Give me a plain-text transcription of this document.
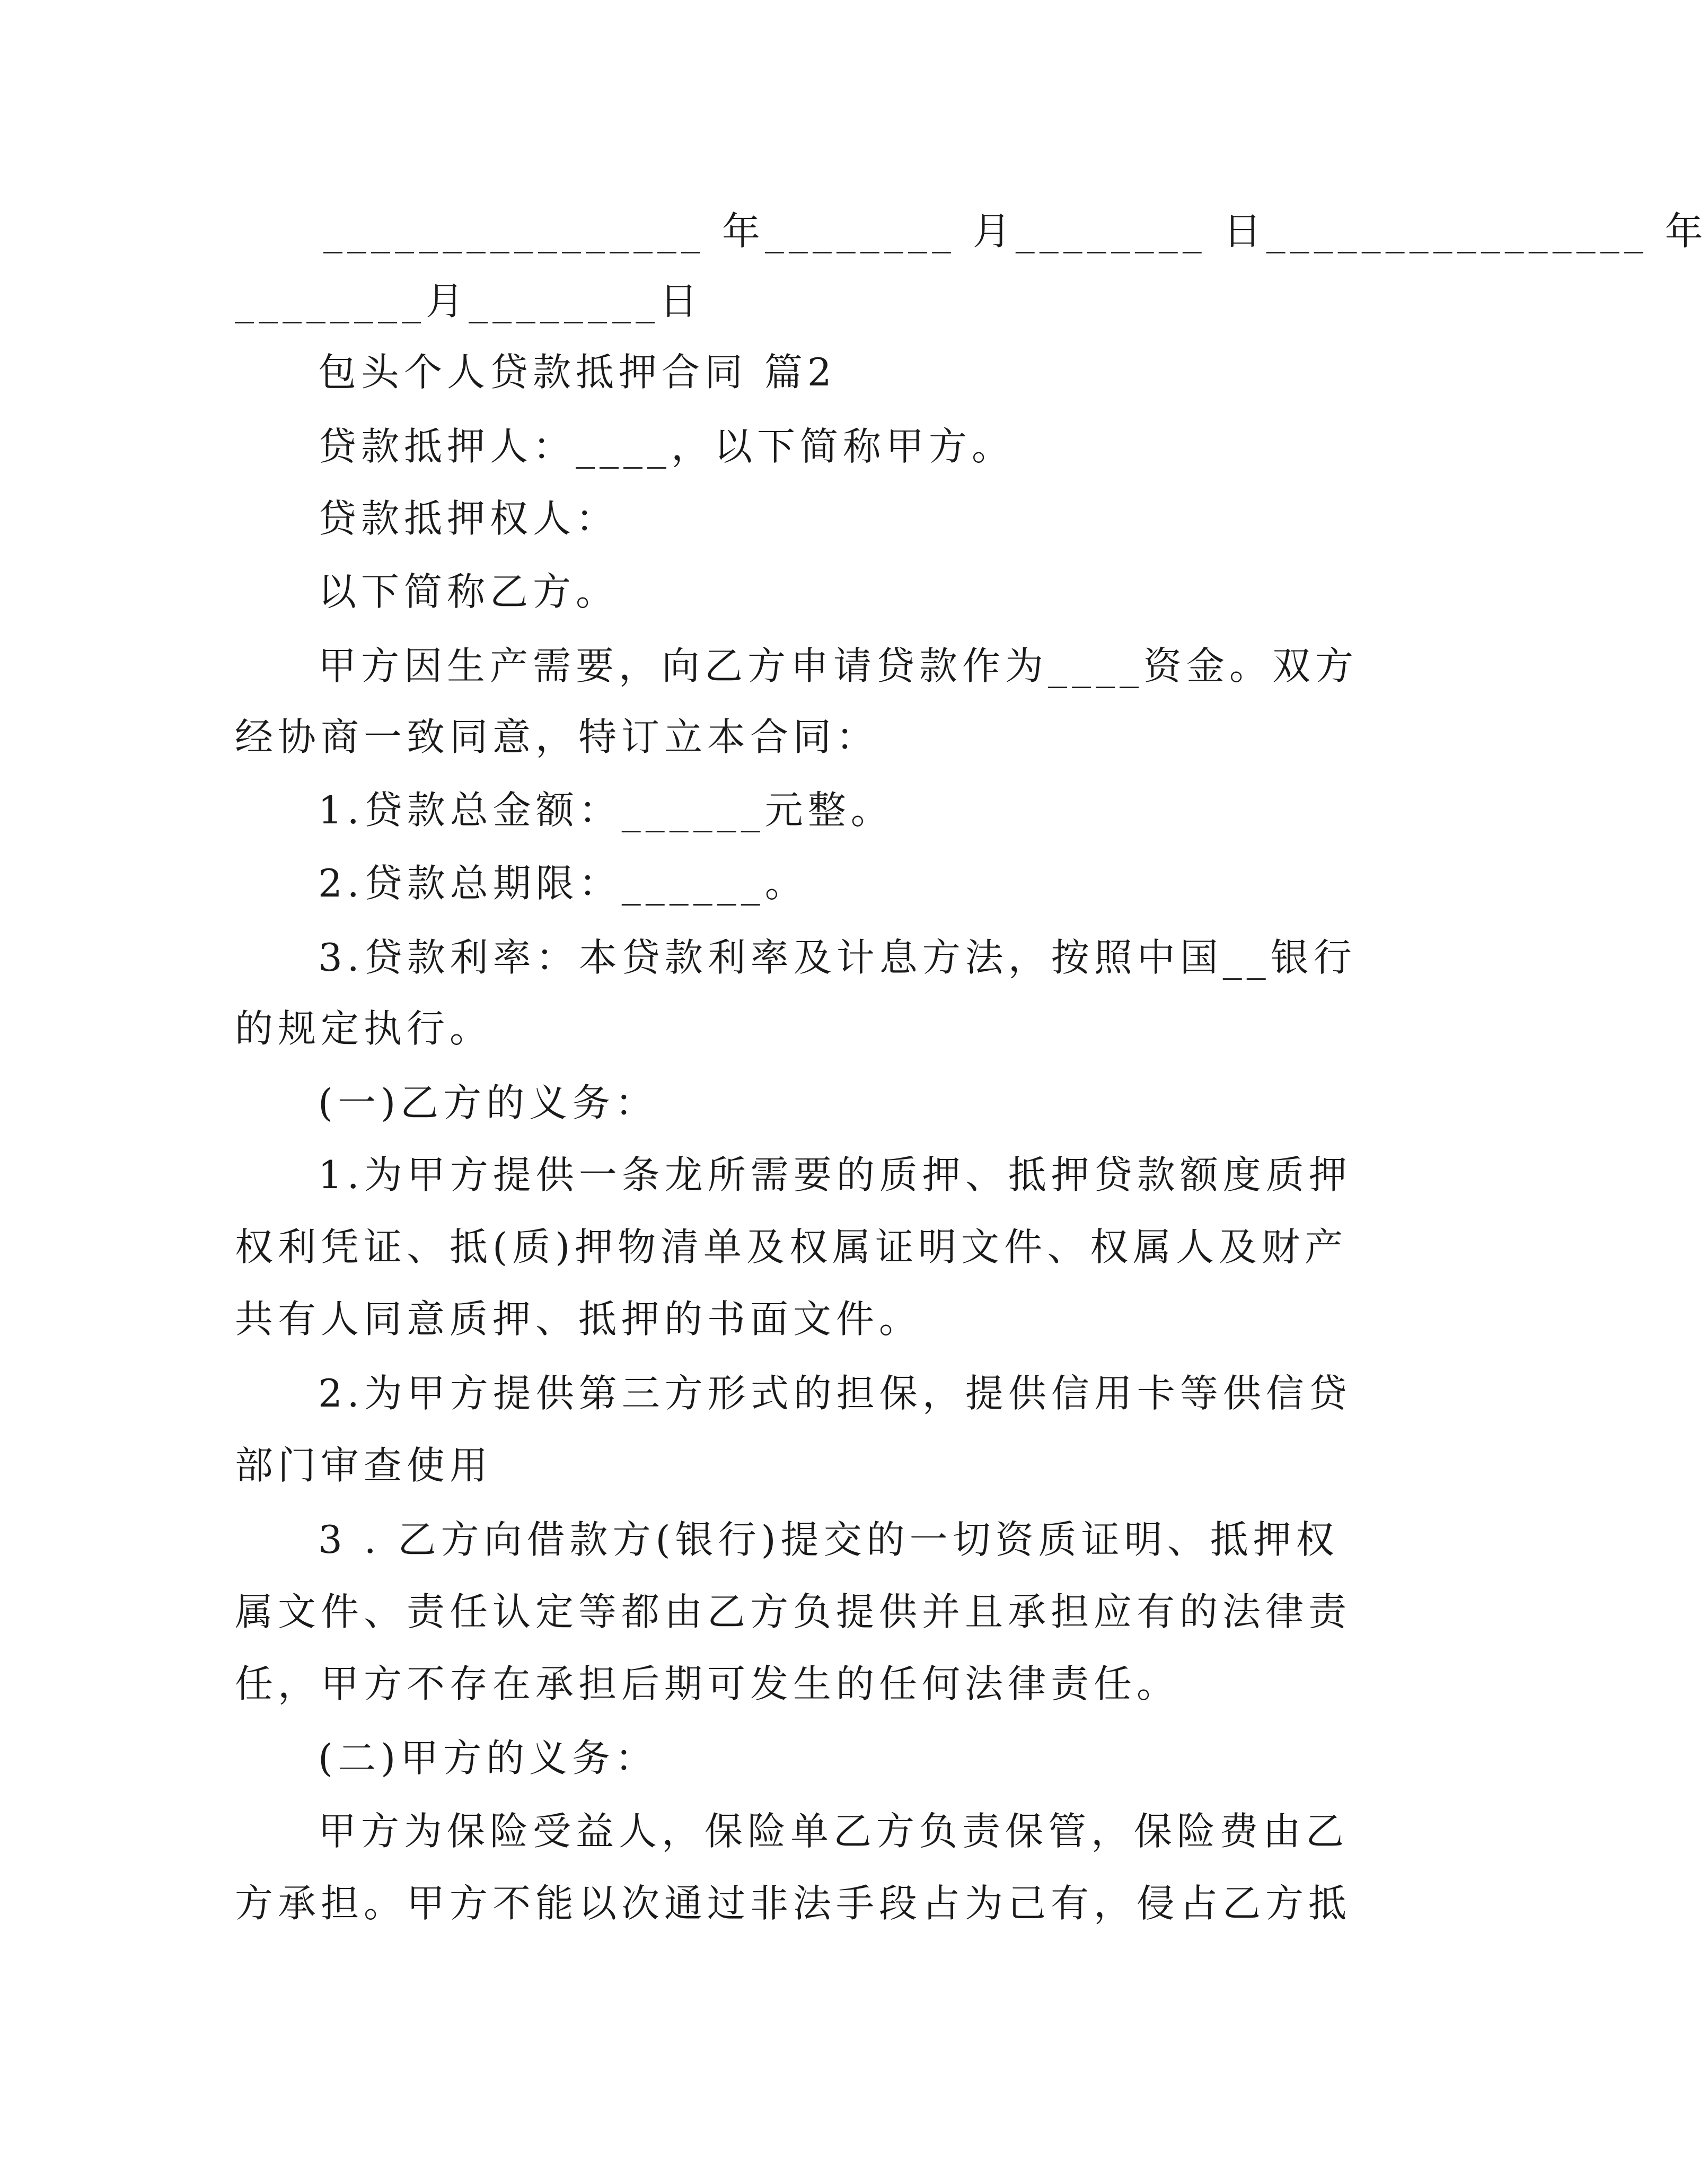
________________ 年________ 月________ 日________________ 年
________月________日
包头个人贷款抵押合同 篇2
贷款抵押人：____，以下简称甲方。
贷款抵押权人：
以下简称乙方。
甲方因生产需要，向乙方申请贷款作为____资金。双方
经协商一致同意，特订立本合同：
1.贷款总金额：______元整。
2.贷款总期限：______。
3.贷款利率：本贷款利率及计息方法，按照中国__银行
的规定执行。
(一)乙方的义务：
1.为甲方提供一条龙所需要的质押、抵押贷款额度质押
权利凭证、抵(质)押物清单及权属证明文件、权属人及财产
共有人同意质押、抵押的书面文件。
2.为甲方提供第三方形式的担保，提供信用卡等供信贷
部门审查使用
3 . 乙方向借款方(银行)提交的一切资质证明、抵押权
属文件、责任认定等都由乙方负提供并且承担应有的法律责
任，甲方不存在承担后期可发生的任何法律责任。
(二)甲方的义务：
甲方为保险受益人，保险单乙方负责保管，保险费由乙
方承担。甲方不能以次通过非法手段占为己有，侵占乙方抵
